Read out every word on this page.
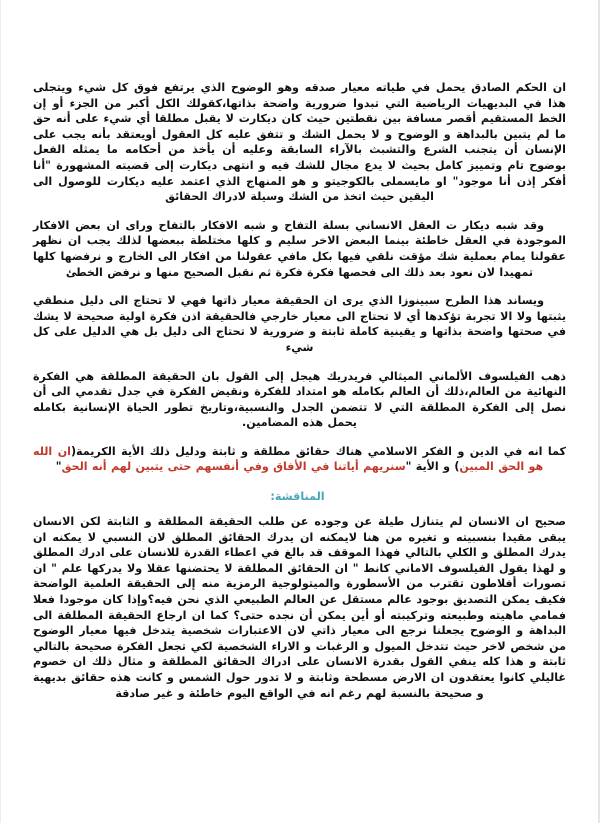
ان الحكم الصادق يحمل في طياته معيار صدقه وهو الوضوح الذي يرتفع فوق كل شيء ويتجلى هذا في البديهيات الرياضية التي تبدوا ضرورية واضحة بذاتها،كقولك الكل أكبر من الجزء أو إن الخط المستقيم أقصر مسافة بين نقطتين حيث كان ديكارت لا يقبل مطلقا أي شيء على أنه حق ما لم يتبين بالبداهة و الوضوح و لا يحمل الشك و تتفق عليه كل العقول أويعتقد بأنه يجب على الإنسان أن يتجنب الشرع والتشبث بالآراء السابقة وعليه أن يأخذ من أحكامه ما يمثله الفعل بوضوح تام وتمييز كامل بحيث لا يدع مجال للشك فيه و انتهى ديكارت إلى قضيته المشهورة "أنا أفكر إذن أنا موجود" او مايسملى بالكوجيتو و هو المنهاج الذي اعتمد عليه ديكارت للوصول الى اليقين حيث اتخذ من الشك وسيلة لادراك الحقائق

وقد شبه ديكار ت العقل الانساني بسلة التفاح و شبه الافكار بالتفاح وراى ان بعض الافكار الموجودة في العقل خاطئة بينما البعض الاخر سليم و كلها مختلطة ببعضها لذلك يجب ان نظهر عقولنا يمام بعملية شك مؤقت نلقي فيها بكل مافي عقولنا من افكار الى الخارج و نرفضها كلها تمهيدا لان نعود بعد ذلك الى فحصها فكرة فكرة ثم نقبل الصحيح منها و نرفض الخطئ

ويساند هذا الطرح سبينوزا الذي يرى ان الحقيقة معيار ذاتها فهي لا تحتاج الى دليل منطقي يثبتها ولا الا تجربة تؤكدها أي لا تحتاج الى معيار خارجي فالحقيقة اذن فكرة اولية صحيحة لا يشك في صحتها واضحة بذاتها و يقينية كاملة ثابتة و ضرورية لا تحتاج الى دليل بل هي الدليل على كل شيء

ذهب الفيلسوف الألماني الميثالي فريدريك هيجل إلى القول بان الحقيقة المطلقة هي الفكرة النهائية من العالم،ذلك أن العالم بكامله هو امتداد للفكرة ونقيض الفكرة في جدل تقدمي الى أن نصل إلى الفكرة المطلقة التي لا تتضمن الجدل والنسبية،وتاريخ تطور الحياة الإنسانية بكامله يحمل هذه المضامين.

كما انه في الدين و الفكر الاسلامي هناك حقائق مطلقة و ثابتة ودليل ذلك الأية الكريمة(ان الله هو الحق المبين) و الأية "سنريهم أياتنا في الأفاق وفي أنفسهم حتى يتبين لهم أنه الحق"

المناقشة:

صحيح ان الانسان لم يتنازل طيلة عن وجوده عن طلب الحقيقة المطلقة و الثابتة لكن الانسان يبقى مقيدا بنسبيته و تغيره من هنا لايمكنه ان يدرك الحقائق المطلق لان النسبي لا يمكنه ان يدرك المطلق و الكلي بالتالي فهذا الموقف قد بالغ في اعطاء القدرة للانسان على ادرك المطلق و لهذا يقول الفيلسوف الاماني كانط " ان الحقائق المطلقة لا يحتضنها عقلا ولا يدركها علم " ان تصورات أفلاطون تقترب من الأسطورة والميتولوجية الرمزية منه إلى الحقيقة العلمية الواضحة فكيف يمكن التصديق بوجود عالم مستقل عن العالم الطبيعي الذي نحن فيه؟وإذا كان موجودا فعلا فمامي ماهيته وطبيعته وتركيبته أو أين يمكن أن نجده حتى؟ كما ان ارجاع الحقيقة المطلقة الى البداهة و الوضوح يجعلنا نرجع الى معيار ذاتي لان الاعتبارات شخصية يتدخل فيها معيار الوضوح من شخص لاخر حيث تتدخل الميول و الرغبات و الاراء الشخصية لكي تجعل الفكرة صحيحة بالتالي ثابتة و هذا كله ينفي القول بقدرة الانسان على ادراك الحقائق المطلقة و مثال ذلك ان خصوم غاليلي كانوا يعتقدون ان الارض مسطحة وثابتة و لا تدور حول الشمس و كانت هذه حقائق بديهية و صحيحة بالنسبة لهم رغم انه في الواقع اليوم خاطئة و غير صادقة
